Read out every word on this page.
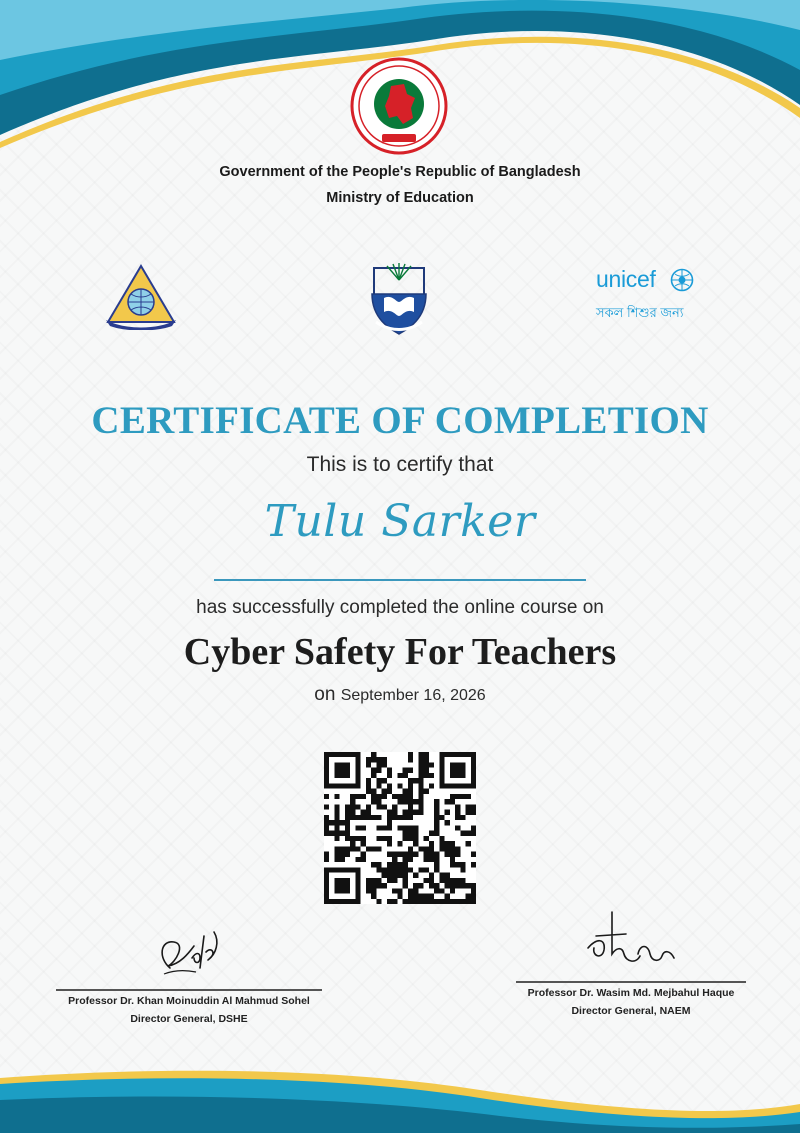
Government of the People's Republic of Bangladesh
Ministry of Education
unicef
সকল শিশুর জন্য
CERTIFICATE OF COMPLETION
This is to certify that
Tulu Sarker
has successfully completed the online course on
Cyber Safety For Teachers
on September 16, 2026
Professor Dr. Khan Moinuddin Al Mahmud Sohel
Director General, DSHE
Professor Dr. Wasim Md. Mejbahul Haque
Director General, NAEM
